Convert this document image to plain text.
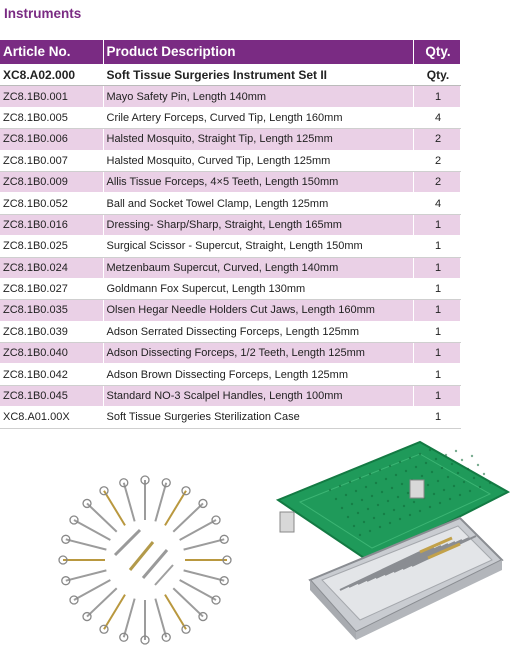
Instruments
Article No.	Product Description	Qty.
XC8.A02.000	Soft Tissue Surgeries Instrument Set II	Qty.
ZC8.1B0.001	Mayo Safety Pin, Length 140mm	1
ZC8.1B0.005	Crile Artery Forceps, Curved Tip, Length 160mm	4
ZC8.1B0.006	Halsted Mosquito, Straight Tip, Length 125mm	2
ZC8.1B0.007	Halsted Mosquito, Curved Tip, Length 125mm	2
ZC8.1B0.009	Allis Tissue Forceps, 4×5 Teeth, Length 150mm	2
ZC8.1B0.052	Ball and Socket Towel Clamp, Length 125mm	4
ZC8.1B0.016	Dressing- Sharp/Sharp, Straight, Length 165mm	1
ZC8.1B0.025	Surgical Scissor - Supercut, Straight, Length 150mm	1
ZC8.1B0.024	Metzenbaum Supercut, Curved, Length 140mm	1
ZC8.1B0.027	Goldmann Fox Supercut, Length 130mm	1
ZC8.1B0.035	Olsen Hegar Needle Holders Cut Jaws, Length 160mm	1
ZC8.1B0.039	Adson Serrated Dissecting Forceps, Length 125mm	1
ZC8.1B0.040	Adson Dissecting Forceps, 1/2 Teeth, Length 125mm	1
ZC8.1B0.042	Adson Brown Dissecting Forceps, Length 125mm	1
ZC8.1B0.045	Standard NO-3 Scalpel Handles, Length 100mm	1
XC8.A01.00X	Soft Tissue Surgeries Sterilization Case	1
